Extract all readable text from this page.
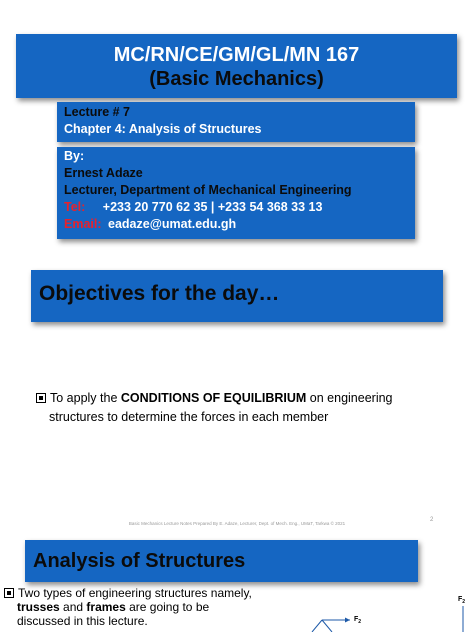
MC/RN/CE/GM/GL/MN 167
(Basic Mechanics)
Lecture # 7
Chapter 4: Analysis of Structures
By:
Ernest Adaze
Lecturer, Department of Mechanical Engineering
Tel: +233 20 770 62 35 | +233 54 368 33 13
Email: eadaze@umat.edu.gh
Objectives for the day…
To apply the CONDITIONS OF EQUILIBRIUM on engineering
structures to determine the forces in each member
2
Basic Mechanics Lecture Notes Prepared By E. Adaze, Lecturer, Dept. of Mech. Eng., UMaT, Tarkwa © 2021
Analysis of Structures
Two types of engineering structures namely,
trusses and frames are going to be
discussed in this lecture.	$F_2$
$F_2$
